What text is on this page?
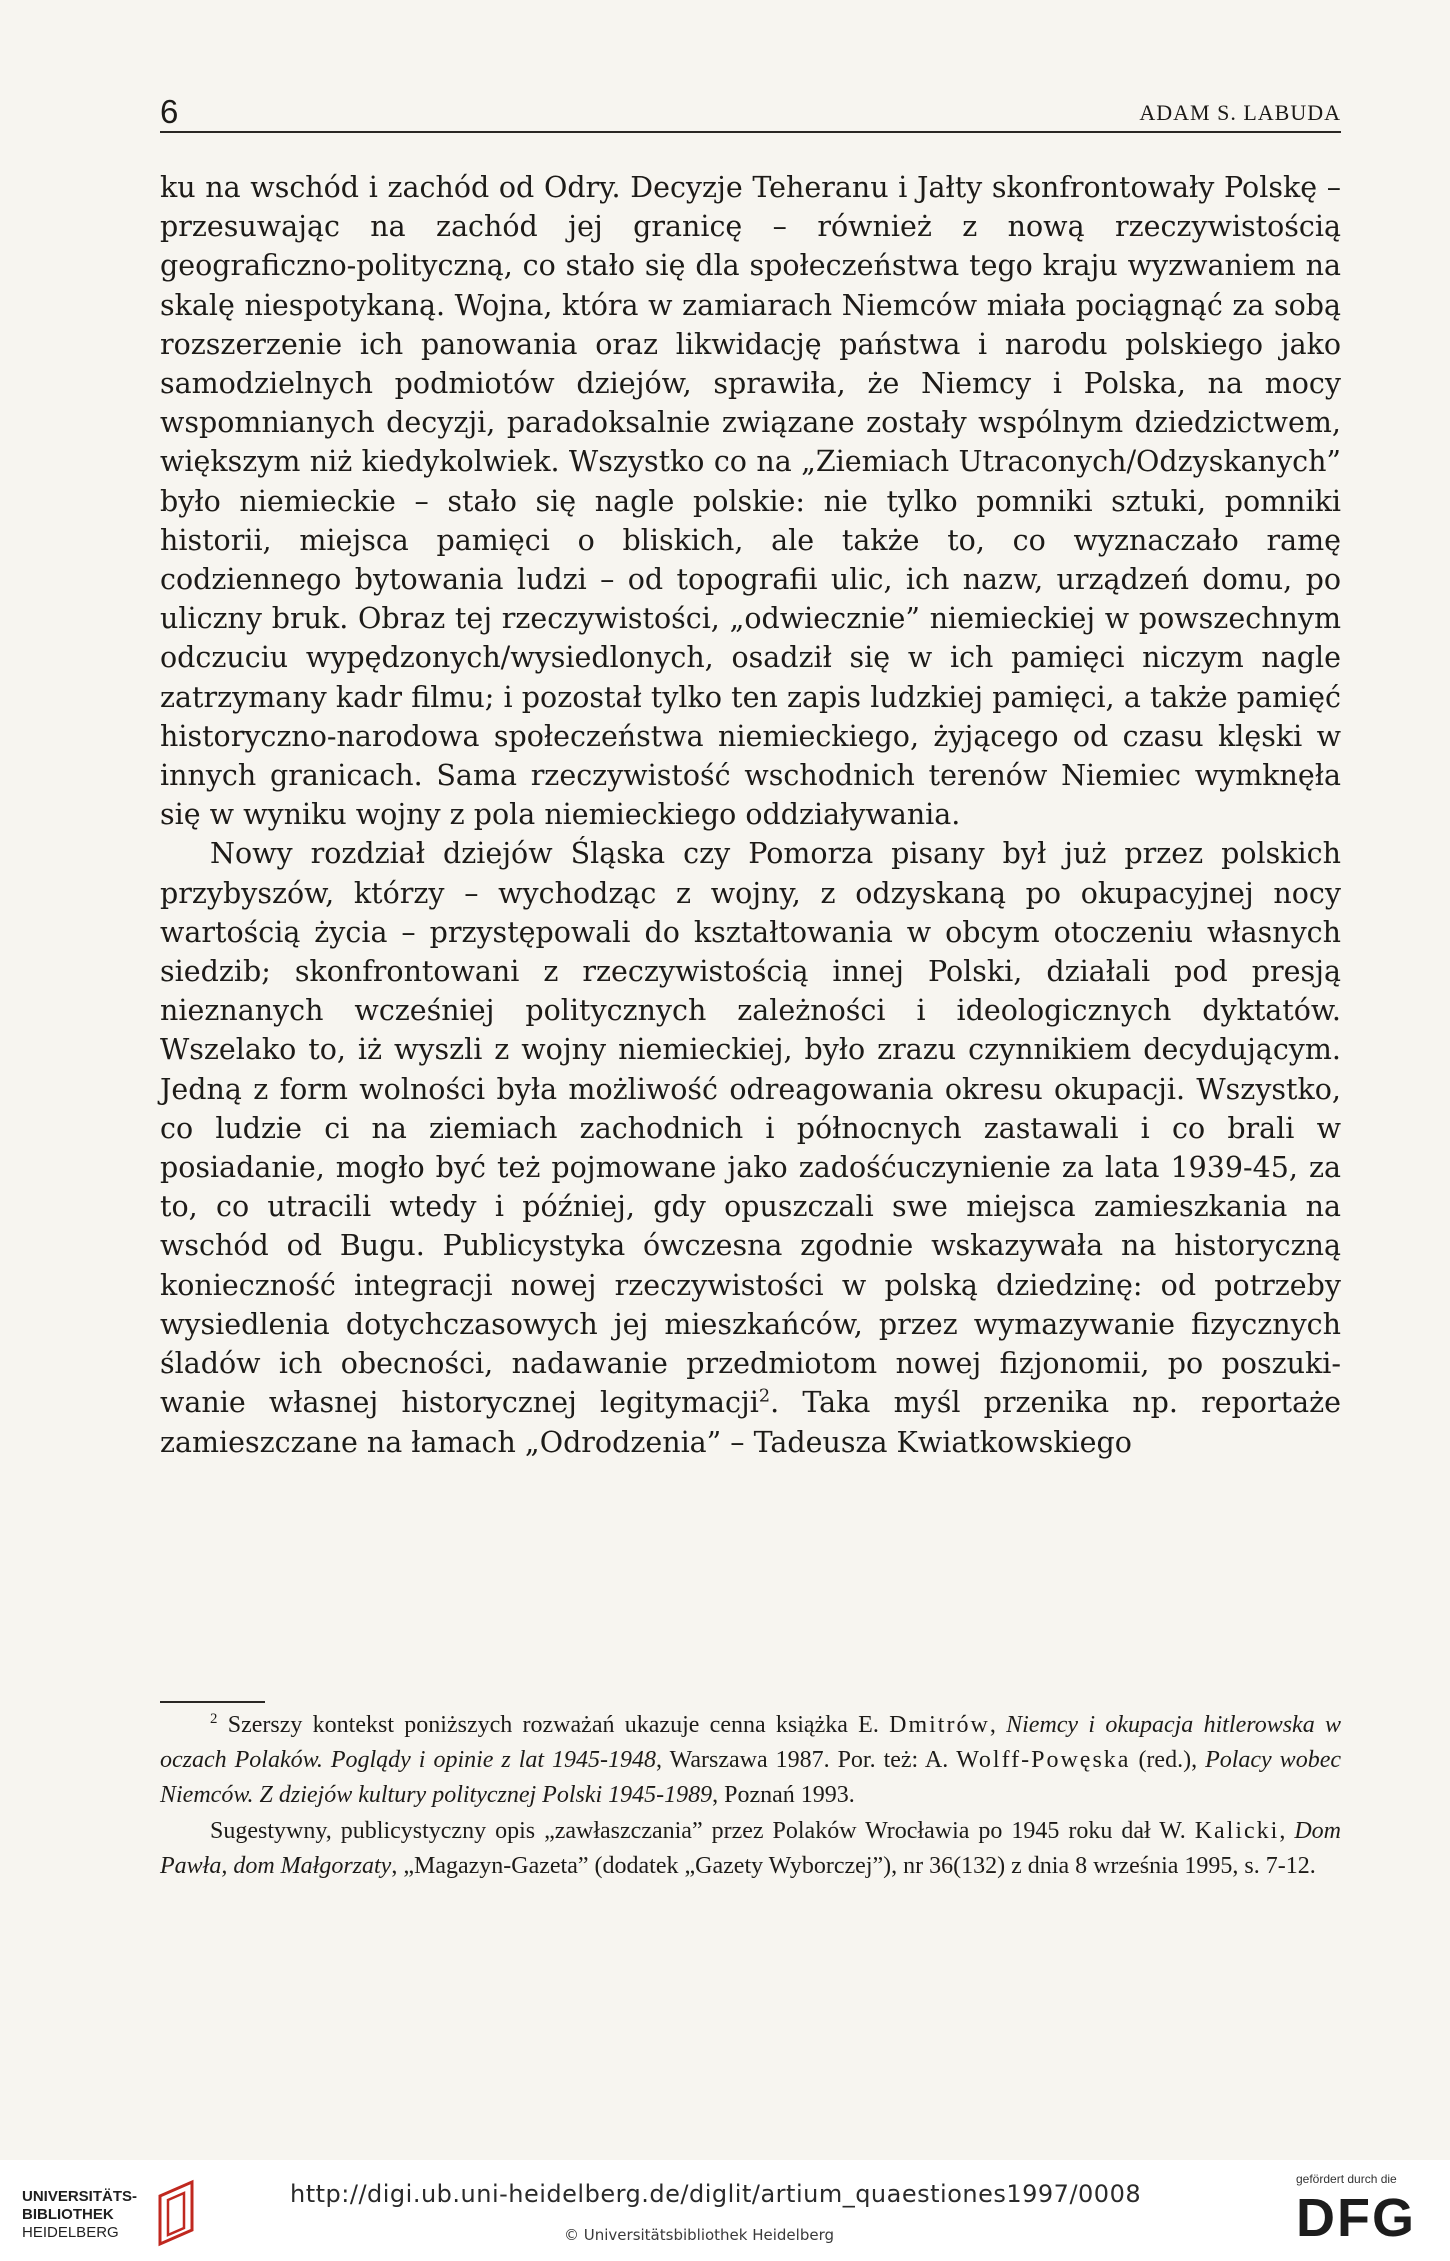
6	ADAM S. LABUDA

ku na wschód i zachód od Odry. Decyzje Teheranu i Jałty skonfrontowały Polskę – przesuwając na zachód jej granicę – również z nową rzeczywistością geograficzno-polityczną, co stało się dla społeczeństwa tego kraju wyzwaniem na skalę niespotykaną. Wojna, która w zamiarach Niemców miała pociągnąć za sobą rozszerzenie ich panowania oraz likwidację państwa i narodu polskiego jako samodzielnych podmiotów dziejów, sprawiła, że Niemcy i Polska, na mocy wspomnianych decyzji, paradoksalnie związane zostały wspólnym dziedzictwem, większym niż kiedykolwiek. Wszystko co na „Ziemiach Utraconych/Odzyskanych” było niemieckie – stało się nagle polskie: nie tylko pomniki sztuki, pomniki historii, miejsca pamięci o bliskich, ale także to, co wyznaczało ramę codziennego bytowania ludzi – od topografii ulic, ich nazw, urządzeń domu, po uliczny bruk. Obraz tej rzeczywistości, „odwiecznie” niemieckiej w powszechnym odczuciu wypędzonych/wysiedlonych, osadził się w ich pamięci niczym nagle zatrzymany kadr filmu; i pozostał tylko ten zapis ludzkiej pamięci, a także pamięć historyczno-narodowa społeczeństwa niemieckiego, żyjącego od czasu klęski w innych granicach. Sama rzeczywistość wschodnich terenów Niemiec wymknęła się w wyniku wojny z pola niemieckiego oddziaływania.

Nowy rozdział dziejów Śląska czy Pomorza pisany był już przez polskich przybyszów, którzy – wychodząc z wojny, z odzyskaną po okupacyjnej nocy wartością życia – przystępowali do kształtowania w obcym otoczeniu własnych siedzib; skonfrontowani z rzeczywistością innej Polski, działali pod presją nieznanych wcześniej politycznych zależności i ideologicznych dyktatów. Wszelako to, iż wyszli z wojny niemieckiej, było zrazu czynnikiem decydującym. Jedną z form wolności była możliwość odreagowania okresu okupacji. Wszystko, co ludzie ci na ziemiach zachodnich i północnych zastawali i co brali w posiadanie, mogło być też pojmowane jako zadośćuczynienie za lata 1939-45, za to, co utracili wtedy i później, gdy opuszczali swe miejsca zamieszkania na wschód od Bugu. Publicystyka ówczesna zgodnie wskazywała na historyczną konieczność integracji nowej rzeczywistości w polską dziedzinę: od potrzeby wysiedlenia dotychczasowych jej mieszkańców, przez wymazywanie fizycznych śladów ich obecności, nadawanie przedmiotom nowej fizjonomii, po poszukiwanie własnej historycznej legitymacji$^2$. Taka myśl przenika np. reportaże zamieszczane na łamach „Odrodzenia” – Tadeusza Kwiatkowskiego

$^2$ Szerszy kontekst poniższych rozważań ukazuje cenna książka E. Dmitrów, Niemcy i okupacja hitlerowska w oczach Polaków. Poglądy i opinie z lat 1945-1948, Warszawa 1987. Por. też: A. Wolff-Powęska (red.), Polacy wobec Niemców. Z dziejów kultury politycznej Polski 1945-1989, Poznań 1993.

Sugestywny, publicystyczny opis „zawłaszczania” przez Polaków Wrocławia po 1945 roku dał W. Kalicki, Dom Pawła, dom Małgorzaty, „Magazyn-Gazeta” (dodatek „Gazety Wyborczej”), nr 36(132) z dnia 8 września 1995, s. 7-12.

UNIVERSITÄTS-
BIBLIOTHEK
HEIDELBERG
http://digi.ub.uni-heidelberg.de/diglit/artium_quaestiones1997/0008
© Universitätsbibliothek Heidelberg
gefördert durch die
DFG
